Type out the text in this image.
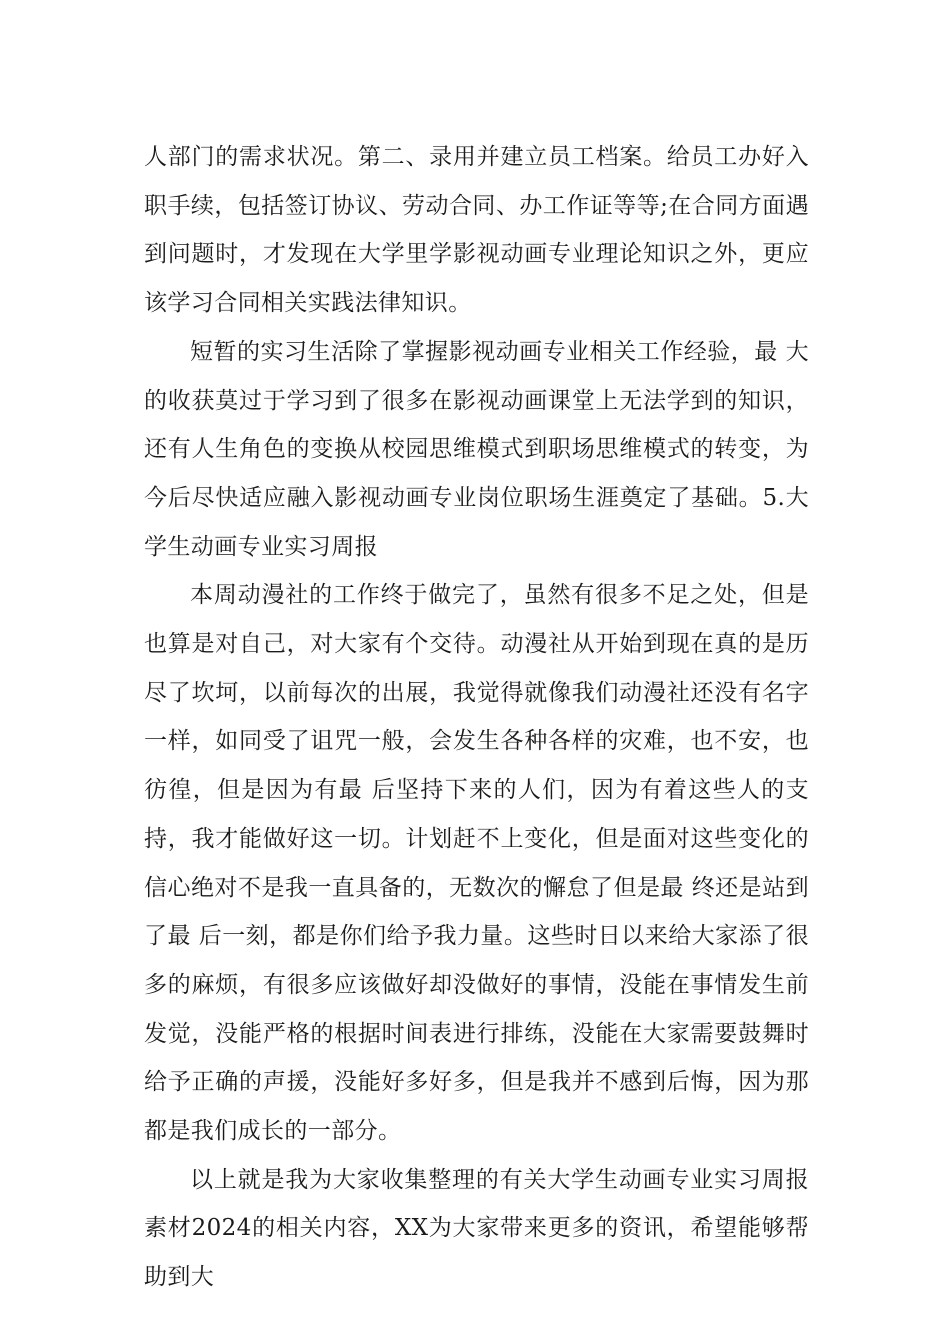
人部门的需求状况。第二、录用并建立员工档案。给员工办好入职手续，包括签订协议、劳动合同、办工作证等等;在合同方面遇到问题时，才发现在大学里学影视动画专业理论知识之外，更应该学习合同相关实践法律知识。

短暂的实习生活除了掌握影视动画专业相关工作经验，最 大的收获莫过于学习到了很多在影视动画课堂上无法学到的知识，还有人生角色的变换从校园思维模式到职场思维模式的转变，为今后尽快适应融入影视动画专业岗位职场生涯奠定了基础。5.大学生动画专业实习周报

本周动漫社的工作终于做完了，虽然有很多不足之处，但是也算是对自己，对大家有个交待。动漫社从开始到现在真的是历尽了坎坷，以前每次的出展，我觉得就像我们动漫社还没有名字一样，如同受了诅咒一般，会发生各种各样的灾难，也不安，也彷徨，但是因为有最 后坚持下来的人们，因为有着这些人的支持，我才能做好这一切。计划赶不上变化，但是面对这些变化的信心绝对不是我一直具备的，无数次的懈怠了但是最 终还是站到了最 后一刻，都是你们给予我力量。这些时日以来给大家添了很多的麻烦，有很多应该做好却没做好的事情，没能在事情发生前发觉，没能严格的根据时间表进行排练，没能在大家需要鼓舞时给予正确的声援，没能好多好多，但是我并不感到后悔，因为那都是我们成长的一部分。

以上就是我为大家收集整理的有关大学生动画专业实习周报素材2024的相关内容，XX为大家带来更多的资讯，希望能够帮助到大
